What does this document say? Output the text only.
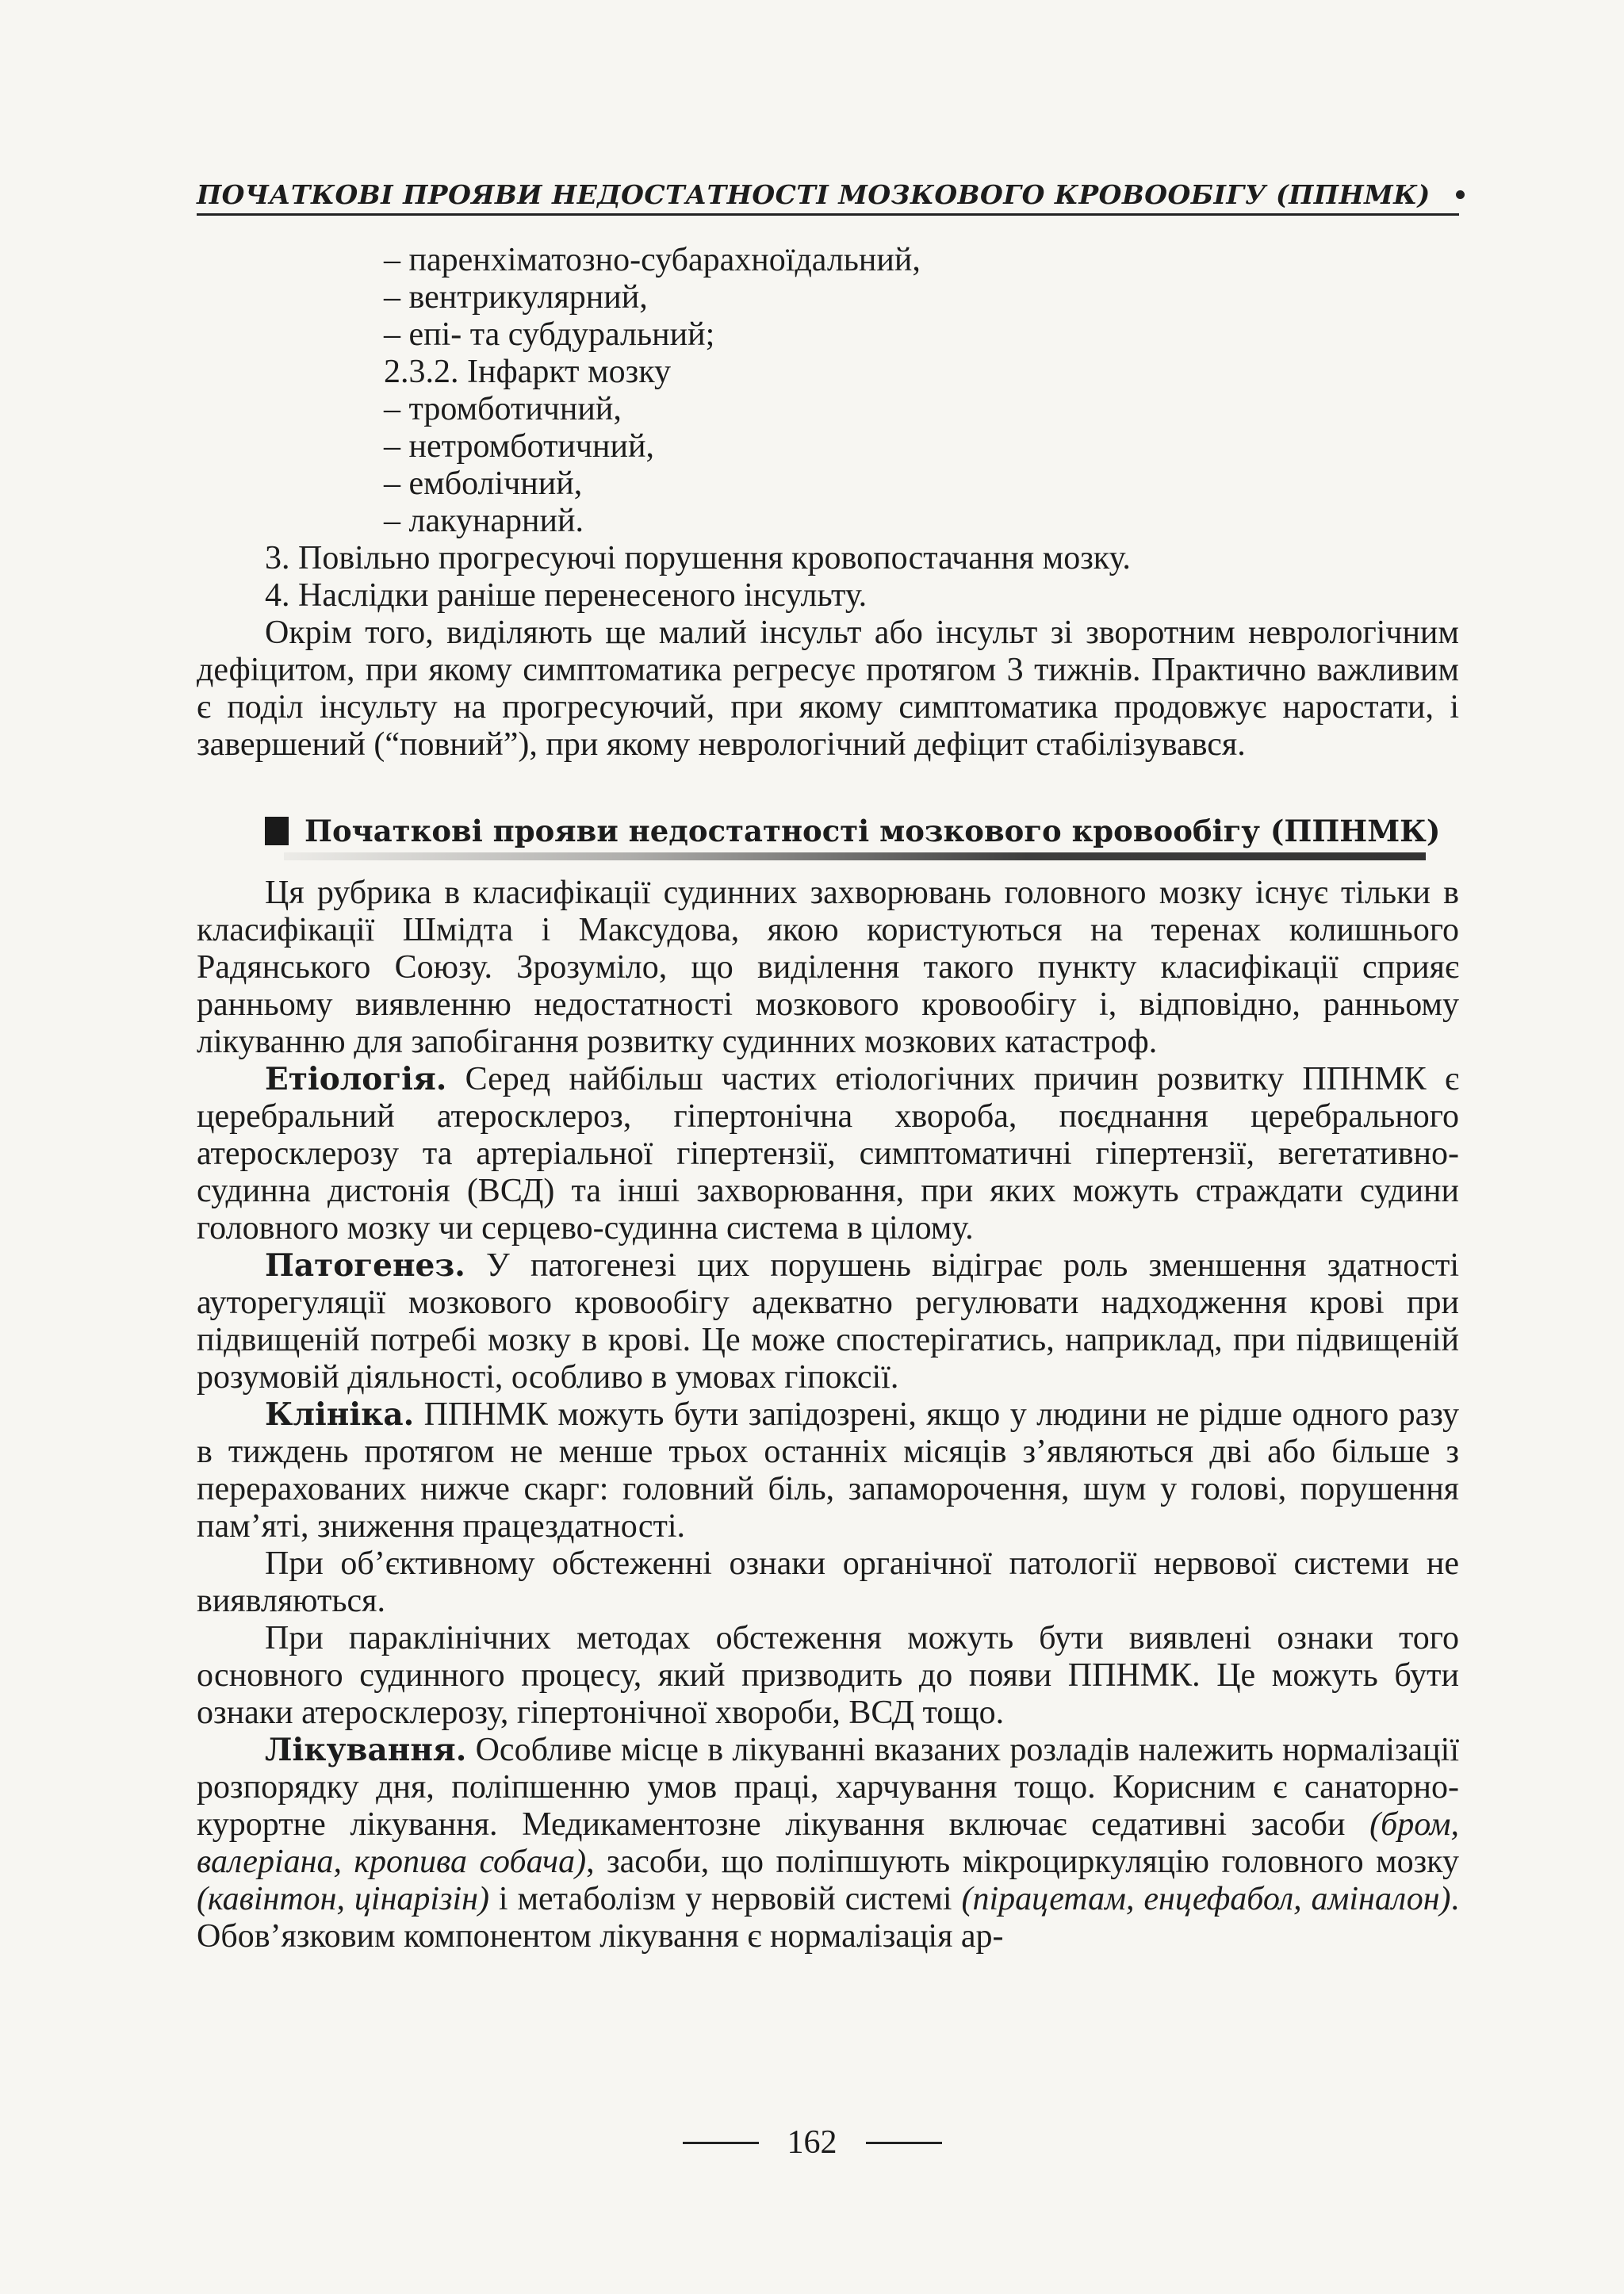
ПОЧАТКОВІ ПРОЯВИ НЕДОСТАТНОСТІ МОЗКОВОГО КРОВООБІГУ (ППНМК)
– паренхіматозно-субарахноїдальний,
– вентрикулярний,
– епі- та субдуральний;
2.3.2. Інфаркт мозку
– тромботичний,
– нетромботичний,
– емболічний,
– лакунарний.
3. Повільно прогресуючі порушення кровопостачання мозку.
4. Наслідки раніше перенесеного інсульту.

Окрім того, виділяють ще малий інсульт або інсульт зі зворотним неврологічним дефіцитом, при якому симптоматика регресує протягом 3 тижнів. Практично важливим є поділ інсульту на прогресуючий, при якому симптоматика продовжує наростати, і завершений (“повний”), при якому неврологічний дефіцит стабілізувався.

Початкові прояви недостатності мозкового кровообігу (ППНМК)

Ця рубрика в класифікації судинних захворювань головного мозку існує тільки в класифікації Шмідта і Максудова, якою користуються на теренах колишнього Радянського Союзу. Зрозуміло, що виділення такого пункту класифікації сприяє ранньому виявленню недостатності мозкового кровообігу і, відповідно, ранньому лікуванню для запобігання розвитку судинних мозкових катастроф.

Етіологія. Серед найбільш частих етіологічних причин розвитку ППНМК є церебральний атеросклероз, гіпертонічна хвороба, поєднання церебрального атеросклерозу та артеріальної гіпертензії, симптоматичні гіпертензії, вегетативно-судинна дистонія (ВСД) та інші захворювання, при яких можуть страждати судини головного мозку чи серцево-судинна система в цілому.

Патогенез. У патогенезі цих порушень відіграє роль зменшення здатності ауторегуляції мозкового кровообігу адекватно регулювати надходження крові при підвищеній потребі мозку в крові. Це може спостерігатись, наприклад, при підвищеній розумовій діяльності, особливо в умовах гіпоксії.

Клініка. ППНМК можуть бути запідозрені, якщо у людини не рідше одного разу в тиждень протягом не менше трьох останніх місяців з’являються дві або більше з перерахованих нижче скарг: головний біль, запаморочення, шум у голові, порушення пам’яті, зниження працездатності.

При об’єктивному обстеженні ознаки органічної патології нервової системи не виявляються.

При параклінічних методах обстеження можуть бути виявлені ознаки того основного судинного процесу, який призводить до появи ППНМК. Це можуть бути ознаки атеросклерозу, гіпертонічної хвороби, ВСД тощо.

Лікування. Особливе місце в лікуванні вказаних розладів належить нормалізації розпорядку дня, поліпшенню умов праці, харчування тощо. Корисним є санаторно-курортне лікування. Медикаментозне лікування включає седативні засоби (бром, валеріана, кропива собача), засоби, що поліпшують мікроциркуляцію головного мозку (кавінтон, цінарізін) і метаболізм у нервовій системі (пірацетам, енцефабол, аміналон). Обов’язковим компонентом лікування є нормалізація ар-

162
